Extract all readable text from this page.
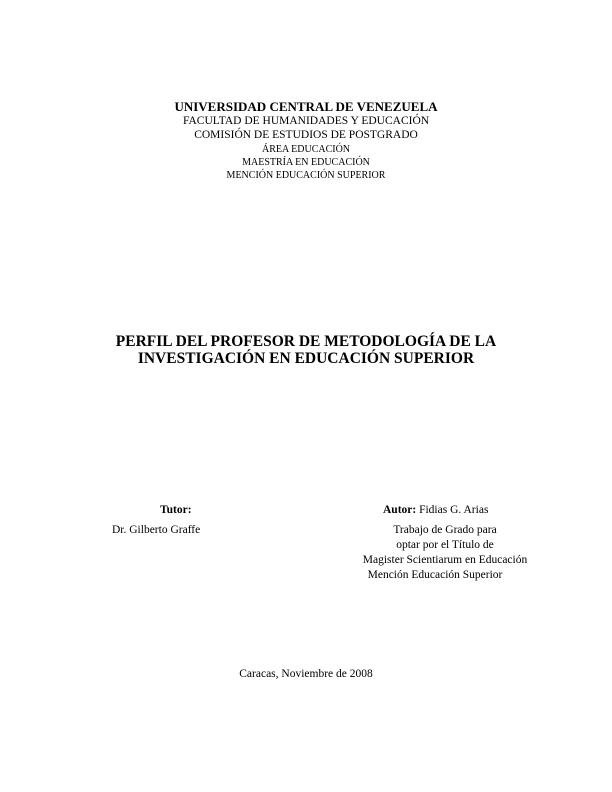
UNIVERSIDAD CENTRAL DE VENEZUELA
FACULTAD DE HUMANIDADES Y EDUCACIÓN
COMISIÓN DE ESTUDIOS DE POSTGRADO
ÁREA EDUCACIÓN
MAESTRÍA EN EDUCACIÓN
MENCIÓN EDUCACIÓN SUPERIOR
PERFIL DEL PROFESOR DE METODOLOGÍA DE LA
INVESTIGACIÓN EN EDUCACIÓN SUPERIOR
Tutor:
Dr. Gilberto Graffe
Autor: Fidias G. Arias
Trabajo de Grado para
optar por el Título de
Magister Scientiarum en Educación
Mención Educación Superior
Caracas, Noviembre de 2008
